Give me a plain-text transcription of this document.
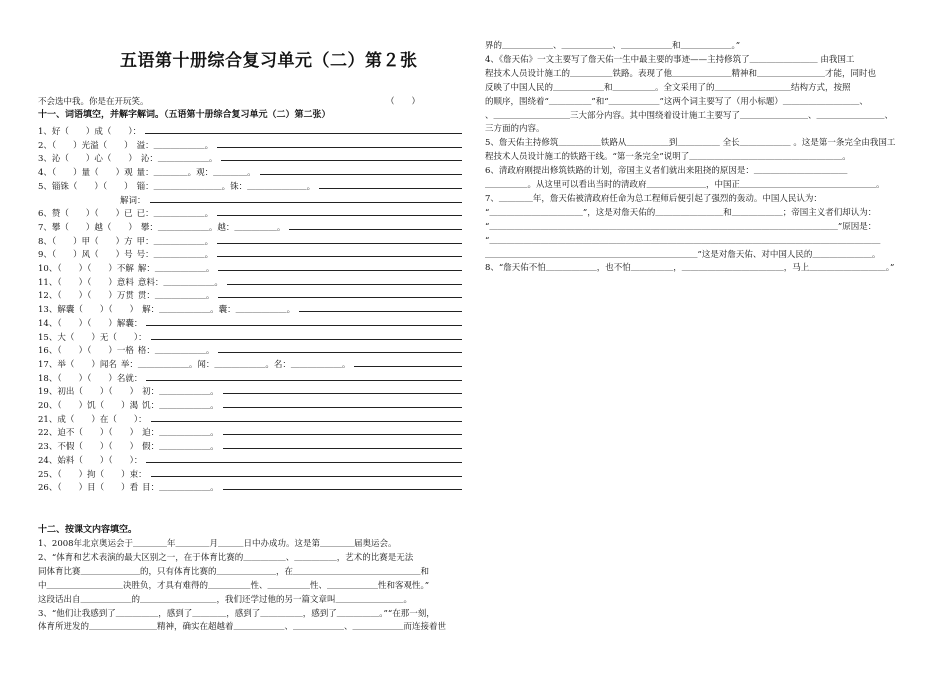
五语第十册综合复习单元（二）第２张
不会选中我。你是在开玩笑。	（　　）
十一、词语填空，并解字解词。（五语第十册综合复习单元（二）第二张）
1、好（　　）成（　　）：
2、（　　）光溢（　　） 溢：＿＿＿＿＿＿。
3、沁（　　）心（　　） 沁：＿＿＿＿＿＿。
4、（　　）量（　　）观 量：＿＿＿＿。观：＿＿＿＿。
5、锱铢（　　）（　　） 锱：＿＿＿＿＿＿＿＿。铢：＿＿＿＿＿＿＿。
解词：
6、赞（　　）（　　）已 已：＿＿＿＿＿＿。
7、攀（　　）越（　　） 攀：＿＿＿＿＿＿。越：＿＿＿＿＿。
8、（　　）甲（　　）方 甲：＿＿＿＿＿＿。
9、（　　）风（　　）号 号：＿＿＿＿＿＿。
10、（　　）（　　）不解 解：＿＿＿＿＿＿。
11、（　　）（　　）意料 意料：＿＿＿＿＿＿。
12、（　　）（　　）万贯 贯：＿＿＿＿＿＿。
13、解囊（　　）（　　） 解：＿＿＿＿＿＿。囊：＿＿＿＿＿＿。
14、（　　）（　　）解囊：
15、大（　　）无（　　）：
16、（　　）（　　）一格 格：＿＿＿＿＿＿。
17、举（　　）闻名 举：＿＿＿＿＿＿。闻：＿＿＿＿＿＿。名：＿＿＿＿＿＿。
18、（　　）（　　）名就：
19、初出（　　）（　　） 初：＿＿＿＿＿＿。
20、（　　）饥（　　）渴 饥：＿＿＿＿＿＿。
21、成（　　）在（　　）：
22、迫不（　　）（　　） 迫：＿＿＿＿＿＿。
23、不假（　　）（　　） 假：＿＿＿＿＿＿。
24、始料（　　）（　　）：
25、（　　）拘（　　）束：
26、（　　）目（　　）看 目：＿＿＿＿＿＿。
十二、按课文内容填空。
1、2008年北京奥运会于＿＿＿＿年＿＿＿＿月＿＿＿日中办成功。这是第＿＿＿＿届奥运会。
2、“体育和艺术表演的最大区别之一，在于体育比赛的＿＿＿＿＿、＿＿＿＿＿，艺术的比赛是无法
同体育比赛＿＿＿＿＿＿＿的，只有体育比赛的＿＿＿＿＿＿＿，在＿＿＿＿＿＿＿＿＿＿＿＿＿＿＿和
中＿＿＿＿＿＿＿＿＿决胜负，才具有难得的＿＿＿＿＿性、＿＿＿＿＿性、＿＿＿＿＿＿性和客观性。”
这段话出自＿＿＿＿＿＿的＿＿＿＿＿＿＿＿＿，我们还学过他的另一篇文章叫＿＿＿＿＿＿＿＿。
3、“他们让我感到了＿＿＿＿＿，感到了＿＿＿＿，感到了＿＿＿＿＿，感到了＿＿＿＿＿。”“在那一刻，
体育所迸发的＿＿＿＿＿＿＿＿精神，确实在超越着＿＿＿＿＿＿、＿＿＿＿＿＿、＿＿＿＿＿＿而连接着世
界的＿＿＿＿＿＿、＿＿＿＿＿＿、＿＿＿＿＿＿和＿＿＿＿＿＿。”
4、《詹天佑》一文主要写了詹天佑一生中最主要的事迹——主持修筑了＿＿＿＿＿＿＿＿ 由我国工
程技术人员设计施工的＿＿＿＿＿铁路。表现了他＿＿＿＿＿＿＿精神和＿＿＿＿＿＿＿＿才能，同时也
反映了中国人民的＿＿＿＿＿＿和＿＿＿＿＿。全文采用了的＿＿＿＿＿＿＿＿＿结构方式，按照
的顺序，围绕着“＿＿＿＿＿”和“＿＿＿＿＿＿”这两个词主要写了（用小标题）＿＿＿＿＿＿＿＿＿、
、＿＿＿＿＿＿＿＿＿三大部分内容。其中围绕着设计施工主要写了＿＿＿＿＿＿＿＿、＿＿＿＿＿＿＿＿、
三方面的内容。
5、詹天佑主持修筑＿＿＿＿＿铁路从＿＿＿＿＿到＿＿＿＿＿ 全长＿＿＿＿＿＿ 。这是第一条完全由我国工
程技术人员设计施工的铁路干线。“第一条完全”说明了＿＿＿＿＿＿＿＿＿＿＿＿＿＿＿＿＿＿。
6、清政府刚提出修筑铁路的计划，帝国主义者们就出来阻挠的原因是：＿＿＿＿＿＿＿＿＿＿＿
＿＿＿＿＿。从这里可以看出当时的清政府＿＿＿＿＿＿＿，中国正＿＿＿＿＿＿＿＿＿＿＿＿＿＿＿＿。
7、＿＿＿＿年，詹天佑被清政府任命为总工程师后便引起了强烈的轰动。中国人民认为：
“＿＿＿＿＿＿＿＿＿＿＿”，这是对詹天佑的＿＿＿＿＿＿＿＿和＿＿＿＿＿＿；帝国主义者们却认为：
“＿＿＿＿＿＿＿＿＿＿＿＿＿＿＿＿＿＿＿＿＿＿＿＿＿＿＿＿＿＿＿＿＿＿＿＿＿＿＿＿＿”原因是：
“＿＿＿＿＿＿＿＿＿＿＿＿＿＿＿＿＿＿＿＿＿＿＿＿＿＿＿＿＿＿＿＿＿＿＿＿＿＿＿＿＿＿＿＿＿＿
＿＿＿＿＿＿＿＿＿＿＿＿＿＿＿＿＿＿＿＿＿＿＿＿＿”这是对詹天佑、对中国人民的＿＿＿＿＿＿＿。
8、“詹天佑不怕＿＿＿＿＿＿，也不怕＿＿＿＿＿，＿＿＿＿＿＿＿＿＿＿＿＿，马上＿＿＿＿＿＿＿＿＿。”
